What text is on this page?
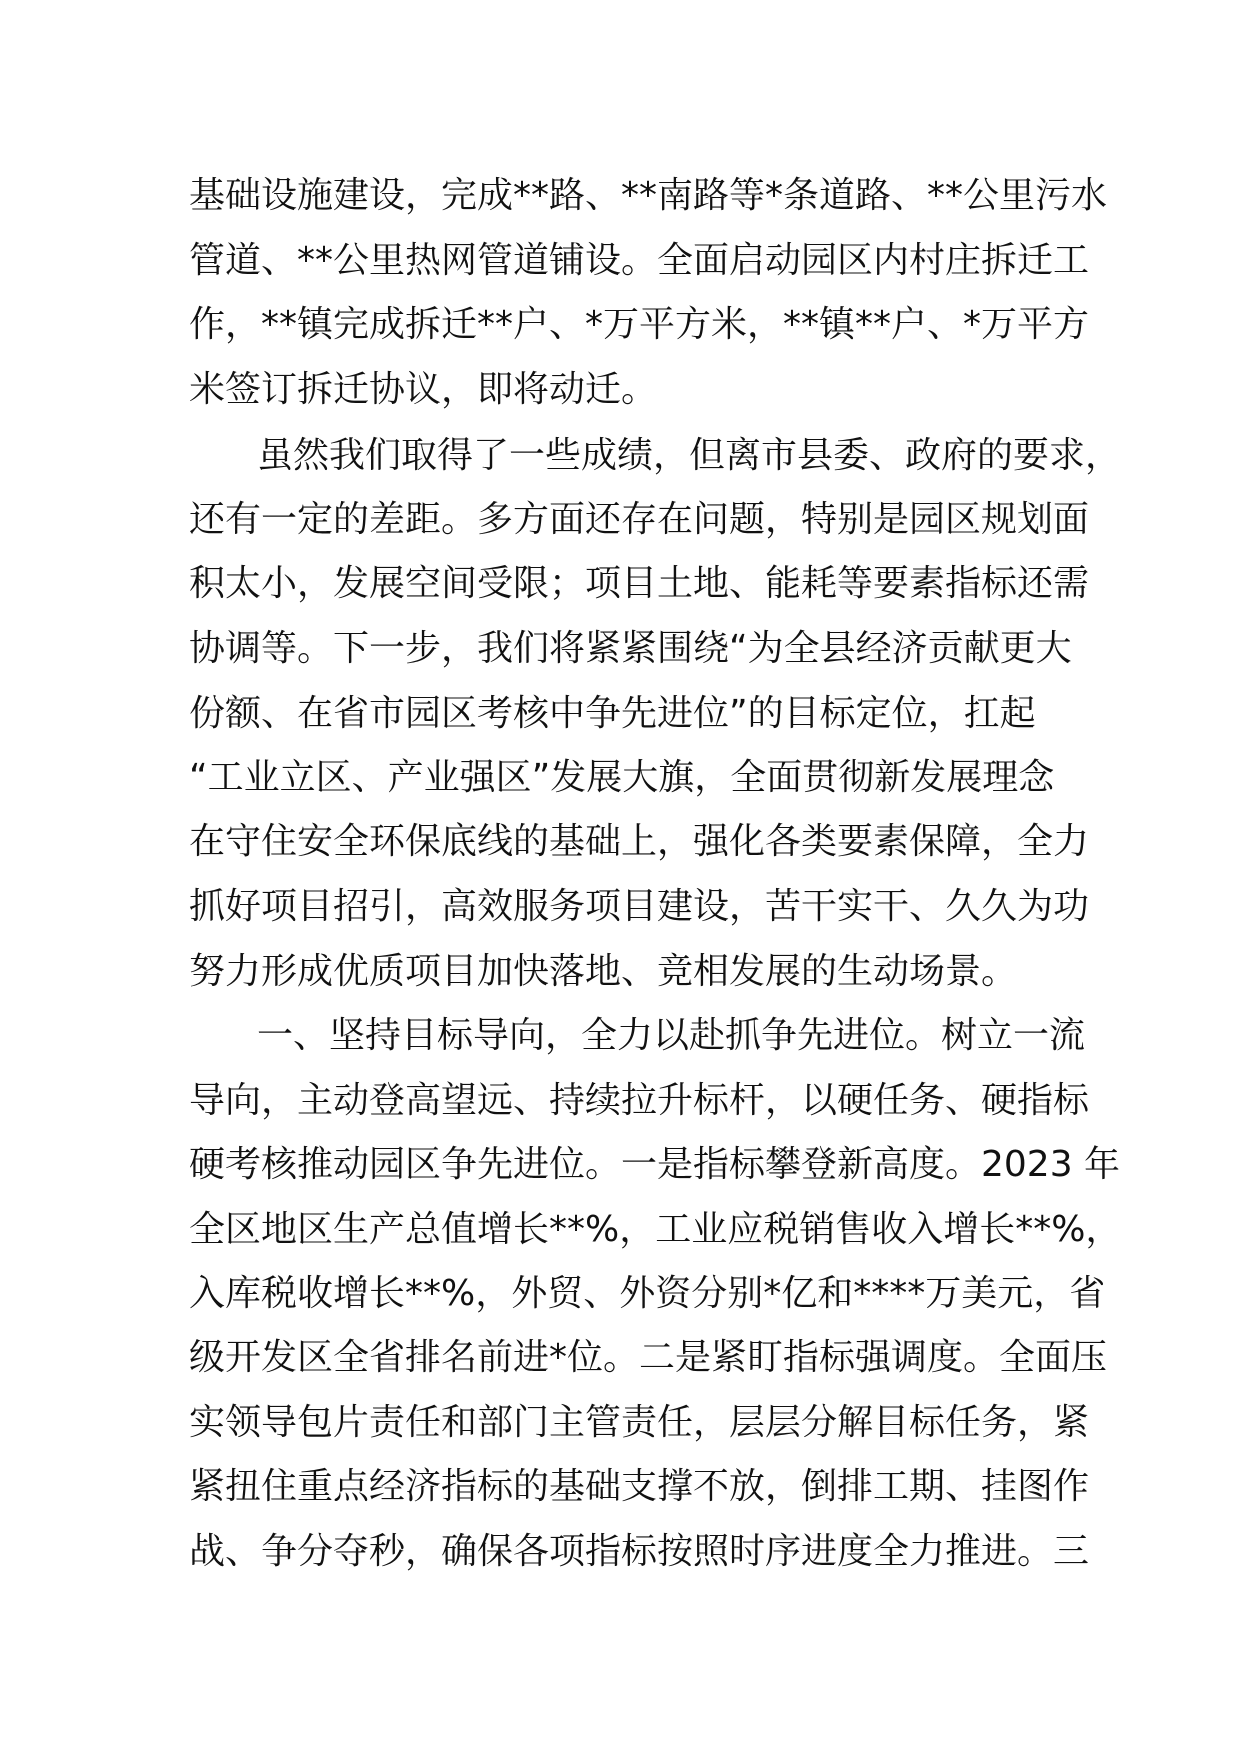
基础设施建设，完成**路、**南路等*条道路、**公里污水
管道、**公里热网管道铺设。全面启动园区内村庄拆迁工
作，**镇完成拆迁**户、*万平方米，**镇**户、*万平方
米签订拆迁协议，即将动迁。
虽然我们取得了一些成绩，但离市县委、政府的要求，
还有一定的差距。多方面还存在问题，特别是园区规划面
积太小，发展空间受限；项目土地、能耗等要素指标还需
协调等。下一步，我们将紧紧围绕“为全县经济贡献更大
份额、在省市园区考核中争先进位”的目标定位，扛起
“工业立区、产业强区”发展大旗，全面贯彻新发展理念
在守住安全环保底线的基础上，强化各类要素保障，全力
抓好项目招引，高效服务项目建设，苦干实干、久久为功
努力形成优质项目加快落地、竞相发展的生动场景。
一、坚持目标导向，全力以赴抓争先进位。树立一流
导向，主动登高望远、持续拉升标杆，以硬任务、硬指标
硬考核推动园区争先进位。一是指标攀登新高度。2023 年
全区地区生产总值增长**%，工业应税销售收入增长**%，
入库税收增长**%，外贸、外资分别*亿和****万美元，省
级开发区全省排名前进*位。二是紧盯指标强调度。全面压
实领导包片责任和部门主管责任，层层分解目标任务，紧
紧扭住重点经济指标的基础支撑不放，倒排工期、挂图作
战、争分夺秒，确保各项指标按照时序进度全力推进。三
